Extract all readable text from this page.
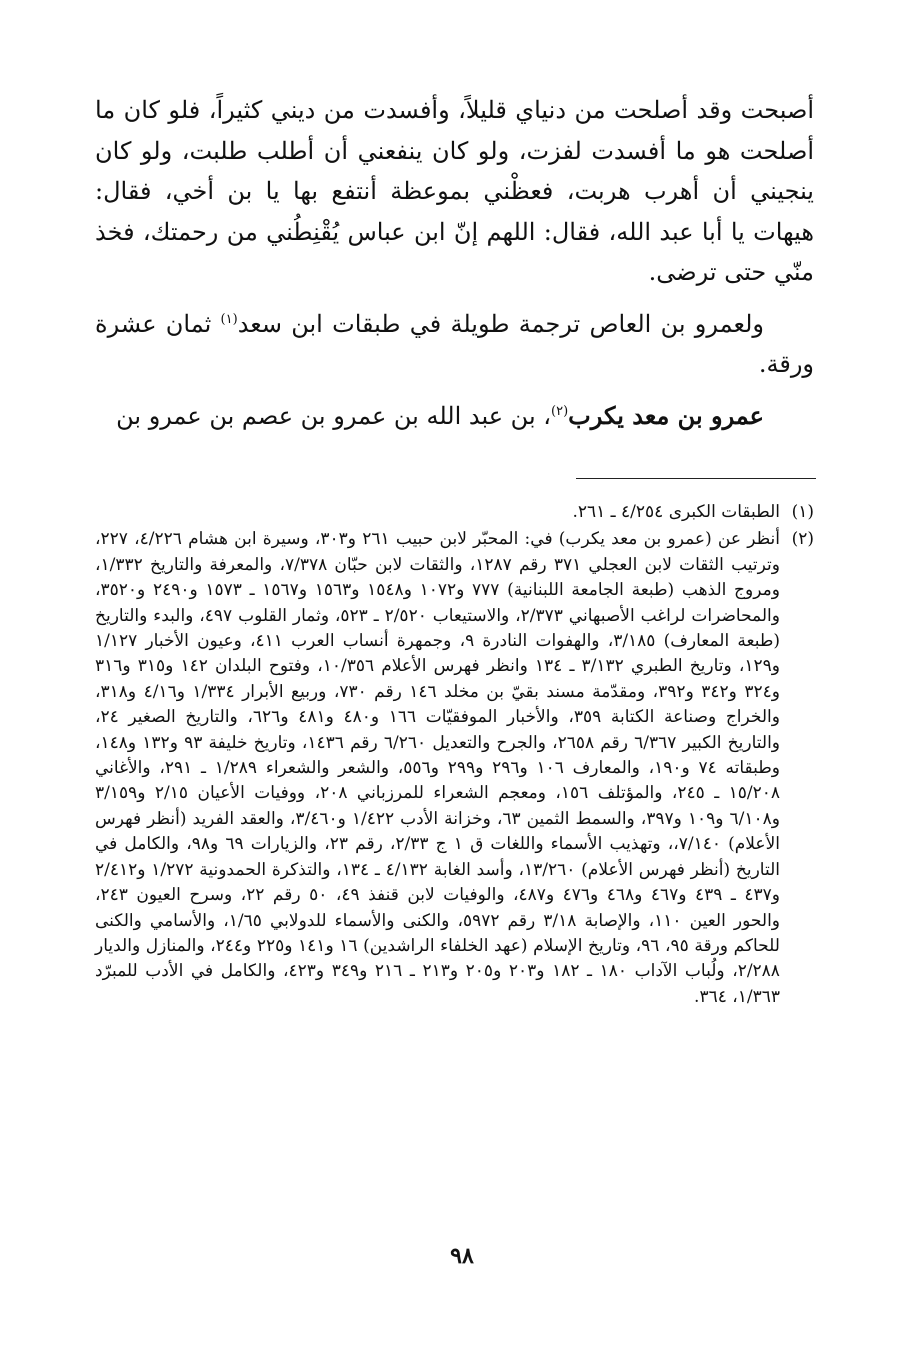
أصبحت وقد أصلحت من دنياي قليلاً، وأفسدت من ديني كثيراً، فلو كان ما أصلحت هو ما أفسدت لفزت، ولو كان ينفعني أن أطلب طلبت، ولو كان ينجيني أن أهرب هربت، فعظْني بموعظة أنتفع بها يا بن أخي، فقال: هيهات يا أبا عبد الله، فقال: اللهم إنّ ابن عباس يُقْنِطُني من رحمتك، فخذ منّي حتى ترضى.

ولعمرو بن العاص ترجمة طويلة في طبقات ابن سعد$^{(١)}$ ثمان عشرة ورقة.

عمرو بن معد يكرب$^{(٢)}$، بن عبد الله بن عمرو بن عصم بن عمرو بن

(١)
الطبقات الكبرى ٤/٢٥٤ ـ ٢٦١.
(٢)
أنظر عن (عمرو بن معد يكرب) في: المحبّر لابن حبيب ٢٦١ و٣٠٣، وسيرة ابن هشام ٤/٢٢٦، ٢٢٧، وترتيب الثقات لابن العجلي ٣٧١ رقم ١٢٨٧، والثقات لابن حبّان ٧/٣٧٨، والمعرفة والتاريخ ١/٣٣٢، ومروج الذهب (طبعة الجامعة اللبنانية) ٧٧٧ و١٠٧٢ و١٥٤٨ و١٥٦٣ و١٥٦٧ ـ ١٥٧٣ و٢٤٩٠ و٣٥٢٠، والمحاضرات لراغب الأصبهاني ٢/٣٧٣، والاستيعاب ٢/٥٢٠ ـ ٥٢٣، وثمار القلوب ٤٩٧، والبدء والتاريخ (طبعة المعارف) ٣/١٨٥، والهفوات النادرة ٩، وجمهرة أنساب العرب ٤١١، وعيون الأخبار ١/١٢٧ و١٢٩، وتاريخ الطبري ٣/١٣٢ ـ ١٣٤ وانظر فهرس الأعلام ١٠/٣٥٦، وفتوح البلدان ١٤٢ و٣١٥ و٣١٦ و٣٢٤ و٣٤٢ و٣٩٢، ومقدّمة مسند بقيّ بن مخلد ١٤٦ رقم ٧٣٠، وربيع الأبرار ١/٣٣٤ و٤/١٦ و٣١٨، والخراج وصناعة الكتابة ٣٥٩، والأخبار الموفقيّات ١٦٦ و٤٨٠ و٤٨١ و٦٢٦، والتاريخ الصغير ٢٤، والتاريخ الكبير ٦/٣٦٧ رقم ٢٦٥٨، والجرح والتعديل ٦/٢٦٠ رقم ١٤٣٦، وتاريخ خليفة ٩٣ و١٣٢ و١٤٨، وطبقاته ٧٤ و١٩٠، والمعارف ١٠٦ و٢٩٦ و٢٩٩ و٥٥٦، والشعر والشعراء ١/٢٨٩ ـ ٢٩١، والأغاني ١٥/٢٠٨ ـ ٢٤٥، والمؤتلف ١٥٦، ومعجم الشعراء للمرزباني ٢٠٨، ووفيات الأعيان ٢/١٥ و٣/١٥٩ و٦/١٠٨ و١٠٩ و٣٩٧، والسمط الثمين ٦٣، وخزانة الأدب ١/٤٢٢ و٣/٤٦٠، والعقد الفريد (أنظر فهرس الأعلام) ٧/١٤٠،، وتهذيب الأسماء واللغات ق ١ ج ٢/٣٣، رقم ٢٣، والزيارات ٦٩ و٩٨، والكامل في التاريخ (أنظر فهرس الأعلام) ١٣/٢٦٠، وأسد الغابة ٤/١٣٢ ـ ١٣٤، والتذكرة الحمدونية ١/٢٧٢ و٢/٤١٢ و٤٣٧ ـ ٤٣٩ و٤٦٧ و٤٦٨ و٤٧٦ و٤٨٧، والوفيات لابن قنفذ ٤٩، ٥٠ رقم ٢٢، وسرح العيون ٢٤٣، والحور العين ١١٠، والإصابة ٣/١٨ رقم ٥٩٧٢، والكنى والأسماء للدولابي ١/٦٥، والأسامي والكنى للحاكم ورقة ٩٥، ٩٦، وتاريخ الإسلام (عهد الخلفاء الراشدين) ١٦ و١٤١ و٢٢٥ و٢٤٤، والمنازل والديار ٢/٢٨٨، ولُباب الآداب ١٨٠ ـ ١٨٢ و٢٠٣ و٢٠٥ و٢١٣ ـ ٢١٦ و٣٤٩ و٤٢٣، والكامل في الأدب للمبرّد ١/٣٦٣، ٣٦٤.
٩٨
